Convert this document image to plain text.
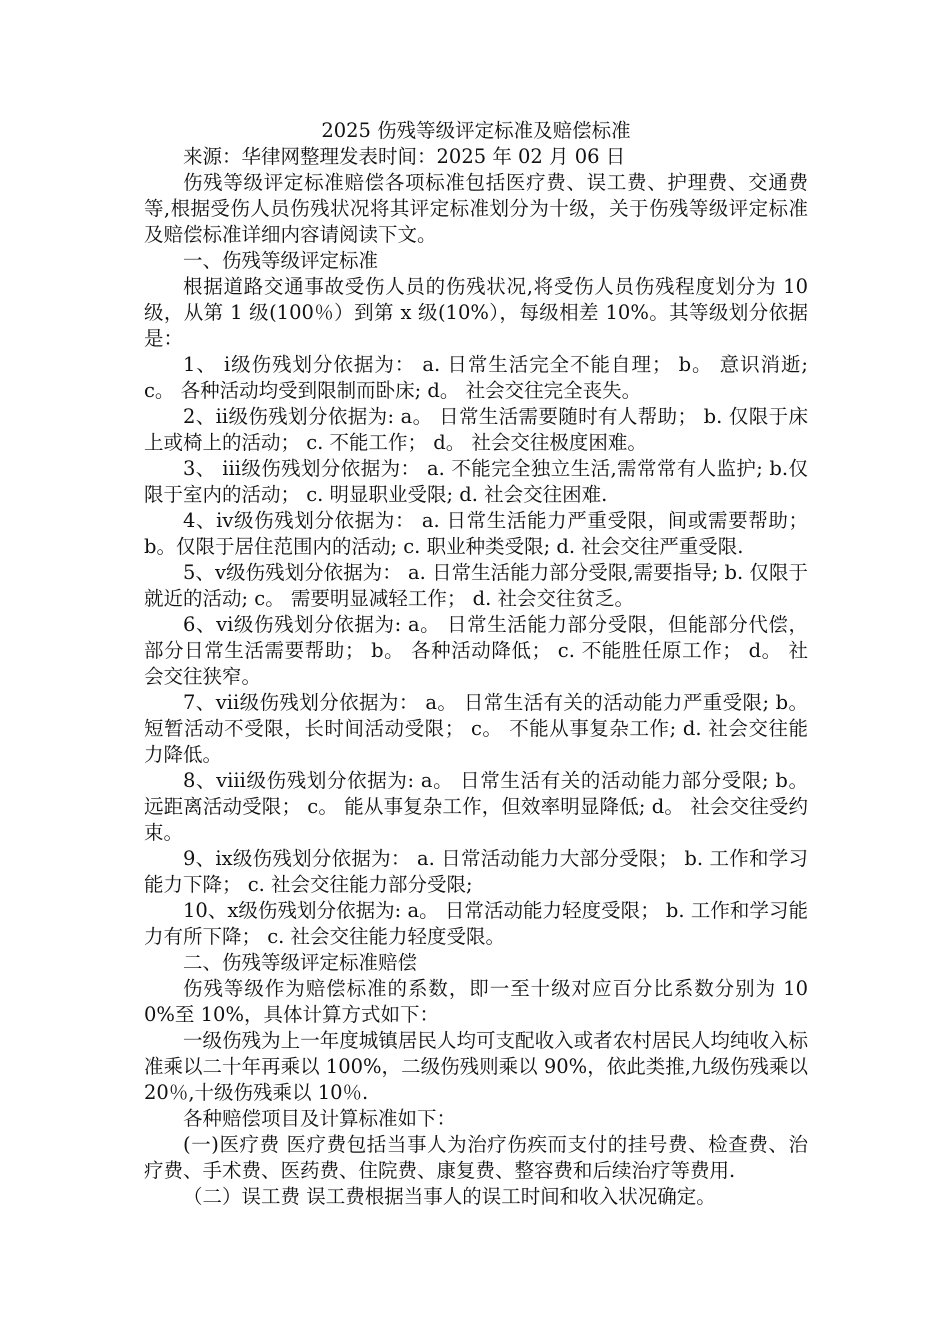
2025 伤残等级评定标准及赔偿标准

来源：华律网整理发表时间：2025 年 02 月 06 日

伤残等级评定标准赔偿各项标准包括医疗费、误工费、护理费、交通费等,根据受伤人员伤残状况将其评定标准划分为十级，关于伤残等级评定标准及赔偿标准详细内容请阅读下文。

一、伤残等级评定标准

根据道路交通事故受伤人员的伤残状况,将受伤人员伤残程度划分为 10 级，从第 1 级(100％）到第 x 级(10%），每级相差 10%。其等级划分依据是：

1、 ⅰ级伤残划分依据为： a. 日常生活完全不能自理； b。 意识消逝; c。 各种活动均受到限制而卧床; d。 社会交往完全丧失。

2、ⅱ级伤残划分依据为: a。 日常生活需要随时有人帮助； b. 仅限于床上或椅上的活动； c. 不能工作； d。 社会交往极度困难。

3、 ⅲ级伤残划分依据为： a. 不能完全独立生活,需常常有人监护; b.仅限于室内的活动； c. 明显职业受限; d. 社会交往困难.

4、ⅳ级伤残划分依据为： a. 日常生活能力严重受限，间或需要帮助； b。仅限于居住范围内的活动; c. 职业种类受限; d. 社会交往严重受限.

5、ⅴ级伤残划分依据为： a. 日常生活能力部分受限,需要指导; b. 仅限于就近的活动; c。 需要明显减轻工作； d. 社会交往贫乏。

6、ⅵ级伤残划分依据为: a。 日常生活能力部分受限，但能部分代偿，部分日常生活需要帮助； b。 各种活动降低； c. 不能胜任原工作； d。 社会交往狭窄。

7、ⅶ级伤残划分依据为： a。 日常生活有关的活动能力严重受限; b。 短暂活动不受限，长时间活动受限； c。 不能从事复杂工作; d. 社会交往能力降低。

8、ⅷ级伤残划分依据为: a。 日常生活有关的活动能力部分受限; b。 远距离活动受限； c。 能从事复杂工作，但效率明显降低; d。 社会交往受约束。

9、ⅸ级伤残划分依据为： a. 日常活动能力大部分受限； b. 工作和学习能力下降； c. 社会交往能力部分受限;

10、ⅹ级伤残划分依据为: a。 日常活动能力轻度受限； b. 工作和学习能力有所下降； c. 社会交往能力轻度受限。

二、伤残等级评定标准赔偿

伤残等级作为赔偿标准的系数，即一至十级对应百分比系数分别为 100%至 10%，具体计算方式如下：

一级伤残为上一年度城镇居民人均可支配收入或者农村居民人均纯收入标准乘以二十年再乘以 100%，二级伤残则乘以 90%，依此类推,九级伤残乘以 20％,十级伤残乘以 10％.

各种赔偿项目及计算标准如下：

(一)医疗费 医疗费包括当事人为治疗伤疾而支付的挂号费、检查费、治疗费、手术费、医药费、住院费、康复费、整容费和后续治疗等费用.

（二）误工费 误工费根据当事人的误工时间和收入状况确定。
